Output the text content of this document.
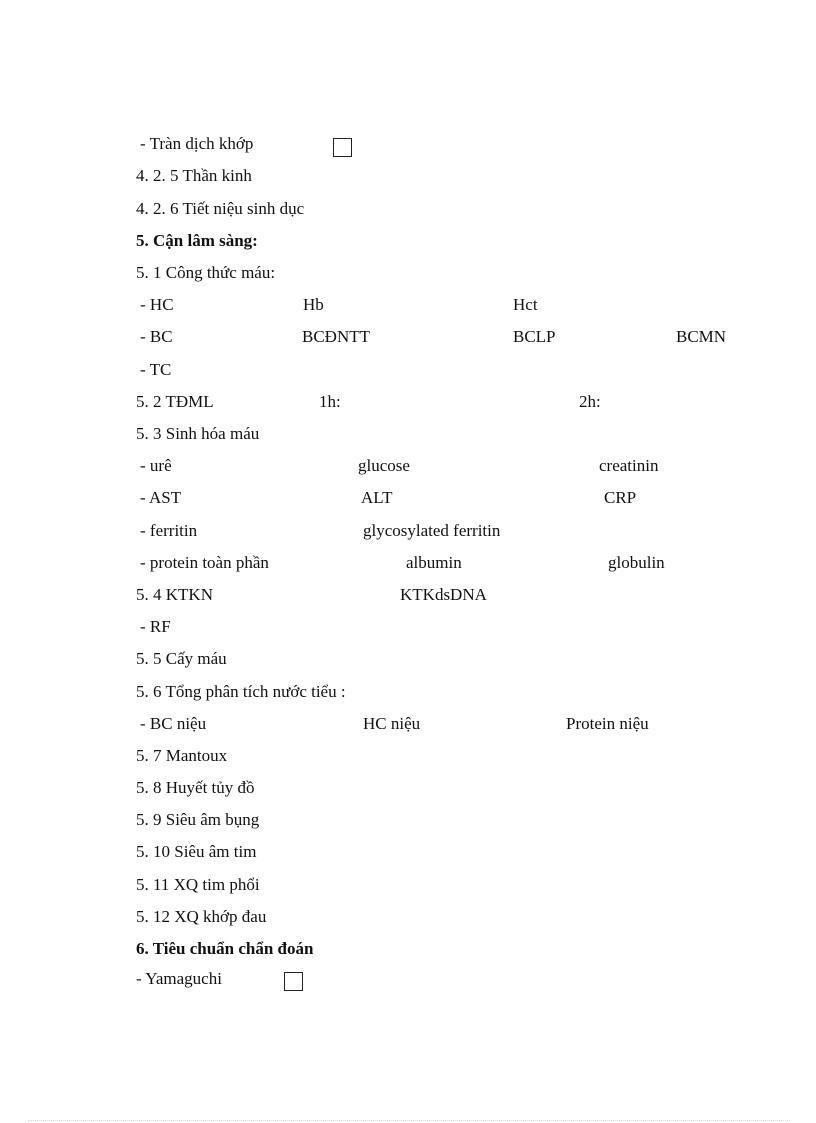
- Tràn dịch khớp
4. 2. 5 Thần kinh
4. 2. 6 Tiết niệu sinh dục
5. Cận lâm sàng:
5. 1 Công thức máu:
- HC	Hb	Hct
- BC	BCĐNTT	BCLP	BCMN
- TC
5. 2 TĐML	1h:	2h:
5. 3 Sinh hóa máu
- urê	glucose	creatinin
- AST	ALT	CRP
- ferritin	glycosylated ferritin
- protein toàn phần	albumin	globulin
5. 4 KTKN	KTKdsDNA
- RF
5. 5 Cấy máu
5. 6 Tổng phân tích nước tiểu :
- BC niệu	HC niệu	Protein niệu
5. 7 Mantoux
5. 8 Huyết tủy đồ
5. 9 Siêu âm bụng
5. 10 Siêu âm tim
5. 11 XQ tim phổi
5. 12 XQ khớp đau
6. Tiêu chuẩn chẩn đoán
- Yamaguchi
